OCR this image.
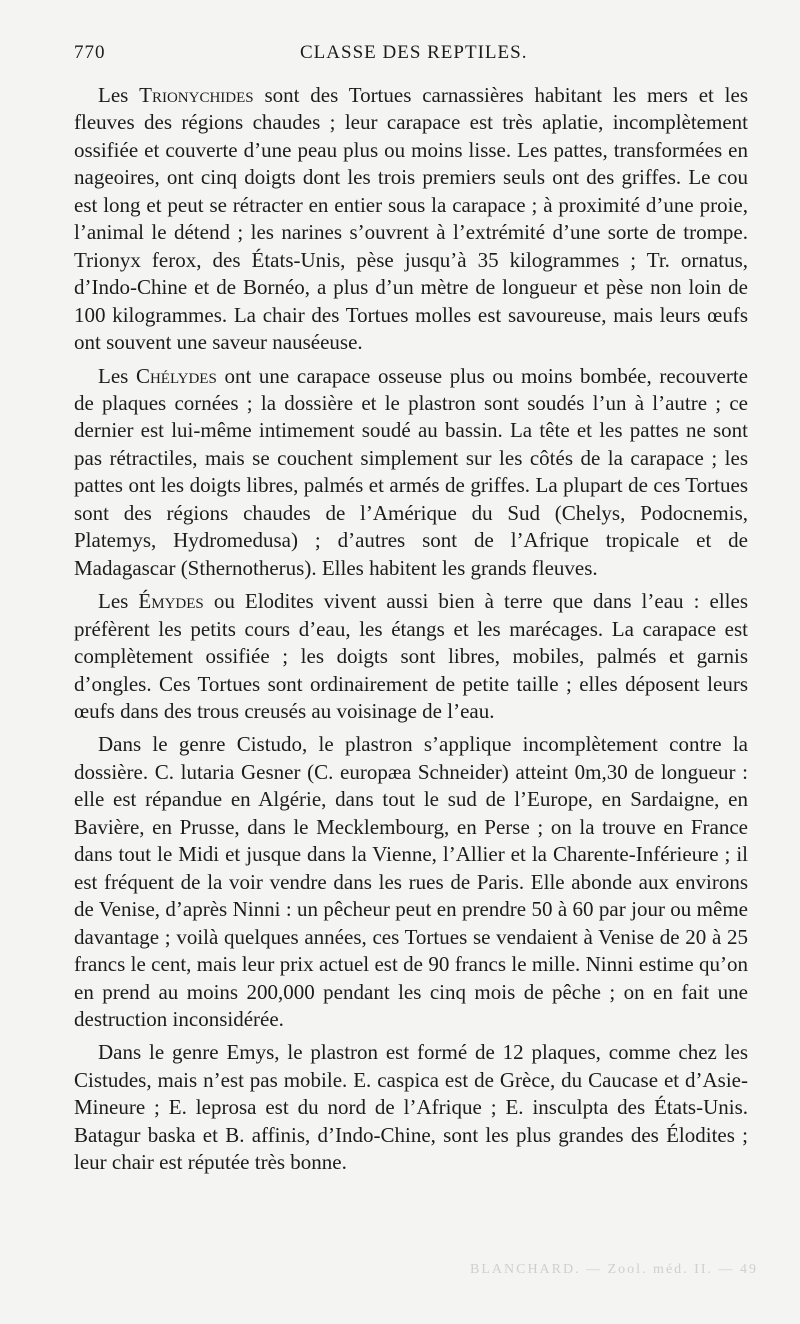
770	CLASSE DES REPTILES.

Les Trionychides sont des Tortues carnassières habitant les mers et les fleuves des régions chaudes ; leur carapace est très aplatie, incomplètement ossifiée et couverte d’une peau plus ou moins lisse. Les pattes, transformées en nageoires, ont cinq doigts dont les trois premiers seuls ont des griffes. Le cou est long et peut se rétracter en entier sous la carapace ; à proximité d’une proie, l’animal le détend ; les narines s’ouvrent à l’extrémité d’une sorte de trompe. Trionyx ferox, des États-Unis, pèse jusqu’à 35 kilogrammes ; Tr. ornatus, d’Indo-Chine et de Bornéo, a plus d’un mètre de longueur et pèse non loin de 100 kilogrammes. La chair des Tortues molles est savoureuse, mais leurs œufs ont souvent une saveur nauséeuse.

Les Chélydes ont une carapace osseuse plus ou moins bombée, recouverte de plaques cornées ; la dossière et le plastron sont soudés l’un à l’autre ; ce dernier est lui-même intimement soudé au bassin. La tête et les pattes ne sont pas rétractiles, mais se couchent simplement sur les côtés de la carapace ; les pattes ont les doigts libres, palmés et armés de griffes. La plupart de ces Tortues sont des régions chaudes de l’Amérique du Sud (Chelys, Podocnemis, Platemys, Hydromedusa) ; d’autres sont de l’Afrique tropicale et de Madagascar (Sthernotherus). Elles habitent les grands fleuves.

Les Émydes ou Elodites vivent aussi bien à terre que dans l’eau : elles préfèrent les petits cours d’eau, les étangs et les marécages. La carapace est complètement ossifiée ; les doigts sont libres, mobiles, palmés et garnis d’ongles. Ces Tortues sont ordinairement de petite taille ; elles déposent leurs œufs dans des trous creusés au voisinage de l’eau.

Dans le genre Cistudo, le plastron s’applique incomplètement contre la dossière. C. lutaria Gesner (C. europæa Schneider) atteint 0m,30 de longueur : elle est répandue en Algérie, dans tout le sud de l’Europe, en Sardaigne, en Bavière, en Prusse, dans le Mecklembourg, en Perse ; on la trouve en France dans tout le Midi et jusque dans la Vienne, l’Allier et la Charente-Inférieure ; il est fréquent de la voir vendre dans les rues de Paris. Elle abonde aux environs de Venise, d’après Ninni : un pêcheur peut en prendre 50 à 60 par jour ou même davantage ; voilà quelques années, ces Tortues se vendaient à Venise de 20 à 25 francs le cent, mais leur prix actuel est de 90 francs le mille. Ninni estime qu’on en prend au moins 200,000 pendant les cinq mois de pêche ; on en fait une destruction inconsidérée.

Dans le genre Emys, le plastron est formé de 12 plaques, comme chez les Cistudes, mais n’est pas mobile. E. caspica est de Grèce, du Caucase et d’Asie-Mineure ; E. leprosa est du nord de l’Afrique ; E. insculpta des États-Unis. Batagur baska et B. affinis, d’Indo-Chine, sont les plus grandes des Élodites ; leur chair est réputée très bonne.

BLANCHARD. — Zool. méd. II. — 49
